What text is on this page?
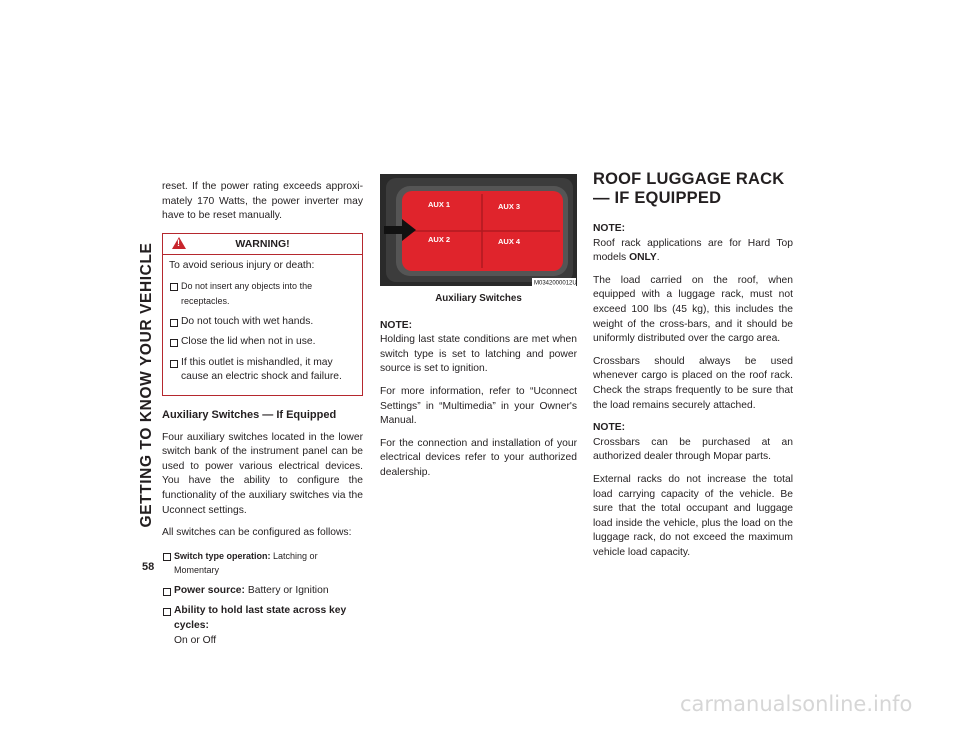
GETTING TO KNOW YOUR VEHICLE
58

reset. If the power rating exceeds approxi-mately 170 Watts, the power inverter may have to be reset manually.

!
WARNING!

To avoid serious injury or death:

Do not insert any objects into the receptacles.
Do not touch with wet hands.
Close the lid when not in use.
If this outlet is mishandled, it may cause an electric shock and failure.
Auxiliary Switches — If Equipped

Four auxiliary switches located in the lower switch bank of the instrument panel can be used to power various electrical devices. You have the ability to configure the functionality of the auxiliary switches via the Uconnect settings.

All switches can be configured as follows:

Switch type operation: Latching or Momentary
Power source: Battery or Ignition
Ability to hold last state across key cycles:
On or Off
AUX 1	AUX 3
AUX 2	AUX 4
M0342000012US
Auxiliary Switches

NOTE:
Holding last state conditions are met when switch type is set to latching and power source is set to ignition.

For more information, refer to “Uconnect Settings” in “Multimedia” in your Owner's Manual.

For the connection and installation of your electrical devices refer to your authorized dealership.

ROOF LUGGAGE RACK — IF EQUIPPED

NOTE:
Roof rack applications are for Hard Top models ONLY.

The load carried on the roof, when equipped with a luggage rack, must not exceed 100 lbs (45 kg), this includes the weight of the cross-bars, and it should be uniformly distributed over the cargo area.

Crossbars should always be used whenever cargo is placed on the roof rack. Check the straps frequently to be sure that the load remains securely attached.

NOTE:
Crossbars can be purchased at an authorized dealer through Mopar parts.

External racks do not increase the total load carrying capacity of the vehicle. Be sure that the total occupant and luggage load inside the vehicle, plus the load on the luggage rack, do not exceed the maximum vehicle load capacity.

carmanualsonline.info
